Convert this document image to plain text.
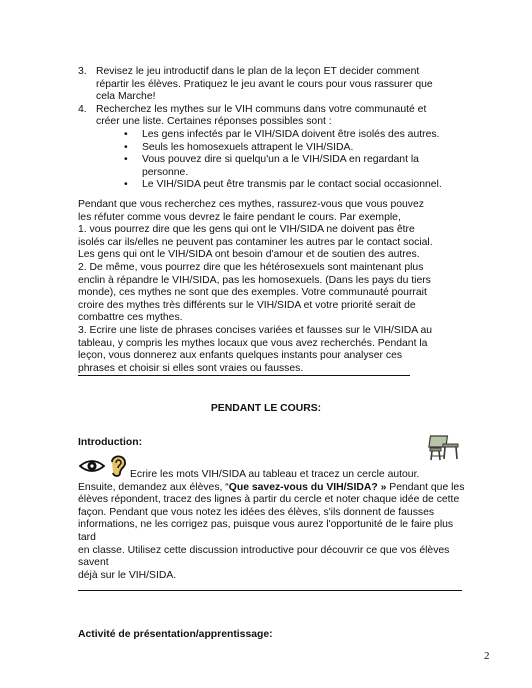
3. Revisez le jeu introductif dans le plan de la leçon ET decider comment
répartir les élèves. Pratiquez le jeu avant le cours pour vous rassurer que
cela Marche!
4. Recherchez les mythes sur le VIH communs dans votre communauté et
créer une liste. Certaines réponses possibles sont :
• Les gens infectés par le VIH/SIDA doivent être isolés des autres.
• Seuls les homosexuels attrapent le VIH/SIDA.
• Vous pouvez dire si quelqu'un a le VIH/SIDA en regardant la
personne.
• Le VIH/SIDA peut être transmis par le contact social occasionnel.
Pendant que vous recherchez ces mythes, rassurez-vous que vous pouvez
les réfuter comme vous devrez le faire pendant le cours. Par exemple,
1. vous pourrez dire que les gens qui ont le VIH/SIDA ne doivent pas être
isolés car ils/elles ne peuvent pas contaminer les autres par le contact social.
Les gens qui ont le VIH/SIDA ont besoin d'amour et de soutien des autres.
2. De même, vous pourrez dire que les hétérosexuels sont maintenant plus
enclin à répandre le VIH/SIDA, pas les homosexuels. (Dans les pays du tiers
monde), ces mythes ne sont que des exemples. Votre communauté pourrait
croire des mythes très différents sur le VIH/SIDA et votre priorité serait de
combattre ces mythes.
3. Ecrire une liste de phrases concises variées et fausses sur le VIH/SIDA au
tableau, y compris les mythes locaux que vous avez recherchés. Pendant la
leçon, vous donnerez aux enfants quelques instants pour analyser ces
phrases et choisir si elles sont vraies ou fausses.
PENDANT LE COURS:
Introduction:
Ecrire les mots VIH/SIDA au tableau et tracez un cercle autour.
Ensuite, demandez aux élèves, “Que savez-vous du VIH/SIDA? » Pendant que les
élèves répondent, tracez des lignes à partir du cercle et noter chaque idée de cette
façon. Pendant que vous notez les idées des élèves, s'ils donnent de fausses
informations, ne les corrigez pas, puisque vous aurez l'opportunité de le faire plus tard
en classe. Utilisez cette discussion introductive pour découvrir ce que vos élèves savent
déjà sur le VIH/SIDA.
Activité de présentation/apprentissage:
2
